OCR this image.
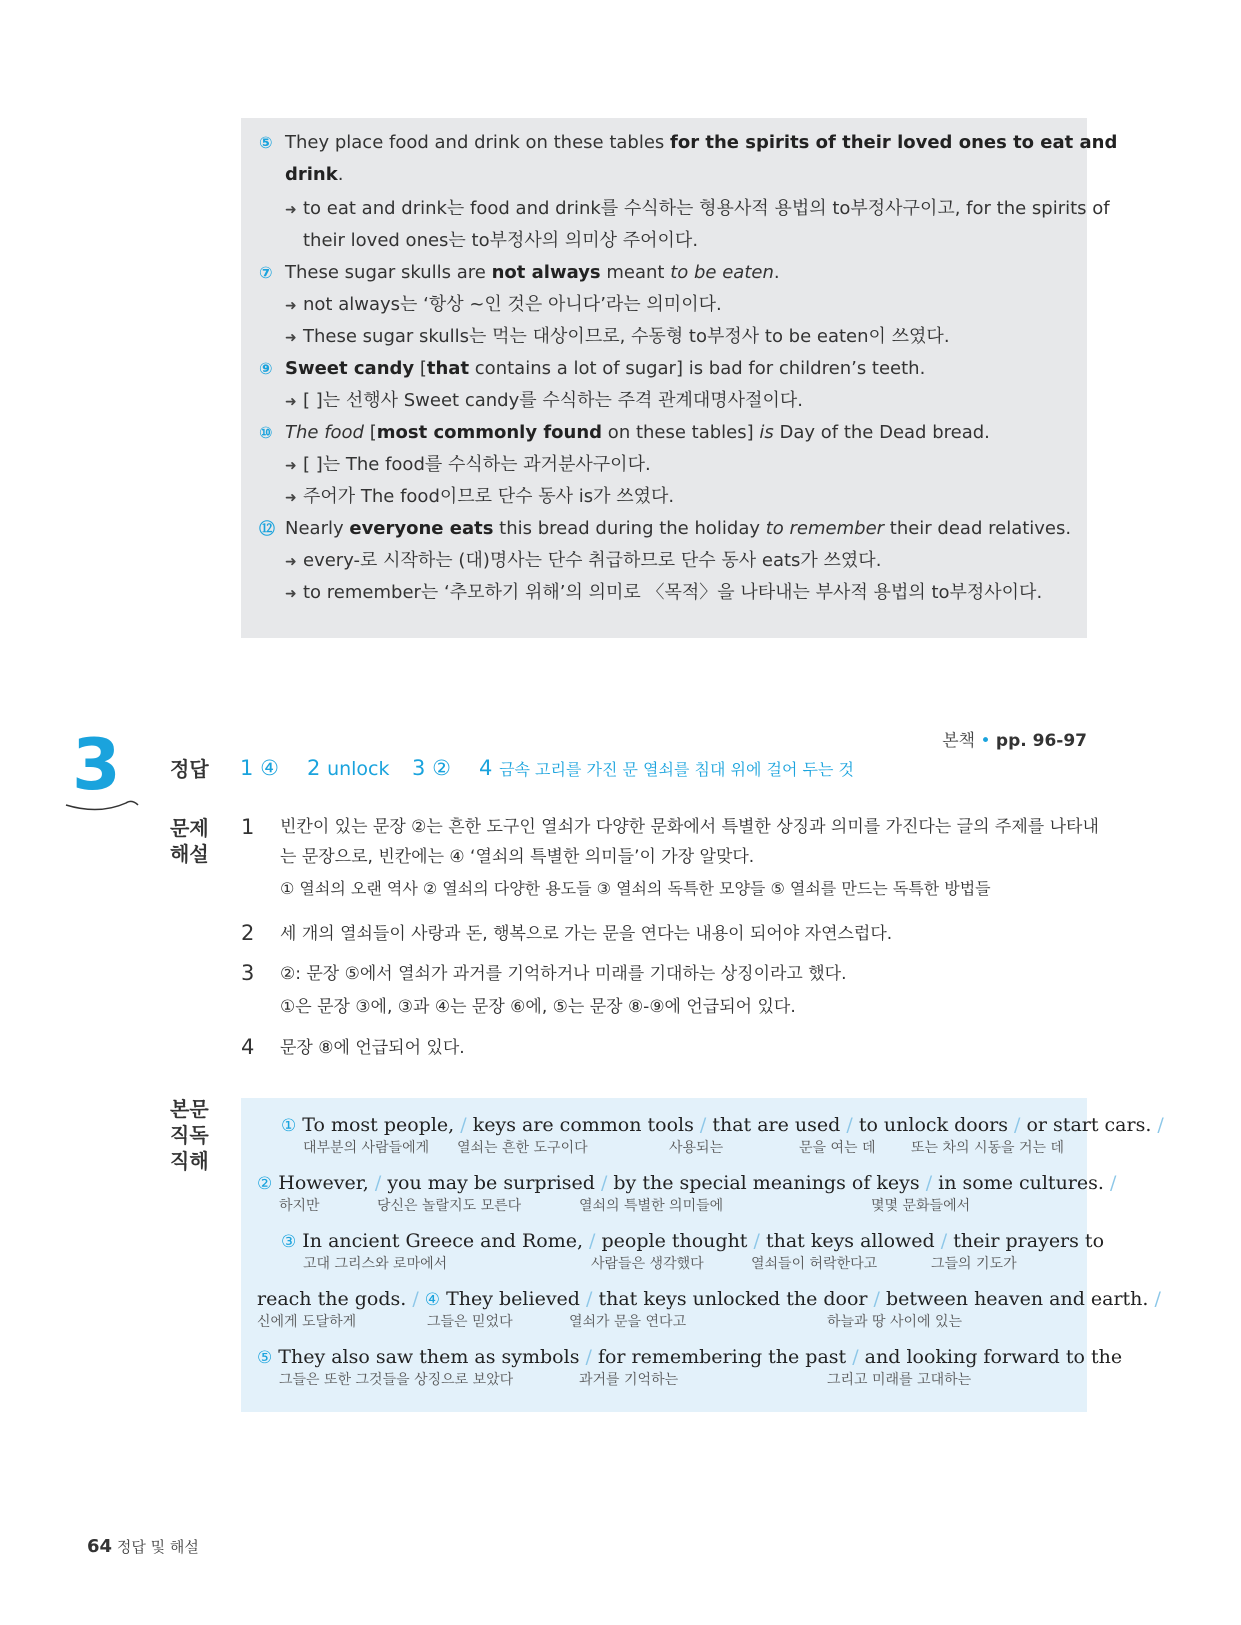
⑤ They place food and drink on these tables for the spirits of their loved ones to eat and
drink.
➜ to eat and drink는 food and drink를 수식하는 형용사적 용법의 to부정사구이고, for the spirits of
their loved ones는 to부정사의 의미상 주어이다.
⑦ These sugar skulls are not always meant to be eaten.
➜ not always는 ‘항상 ~인 것은 아니다’라는 의미이다.
➜ These sugar skulls는 먹는 대상이므로, 수동형 to부정사 to be eaten이 쓰였다.
⑨ Sweet candy [that contains a lot of sugar] is bad for children’s teeth.
➜ [ ]는 선행사 Sweet candy를 수식하는 주격 관계대명사절이다.
⑩ The food [most commonly found on these tables] is Day of the Dead bread.
➜ [ ]는 The food를 수식하는 과거분사구이다.
➜ 주어가 The food이므로 단수 동사 is가 쓰였다.
⑫ Nearly everyone eats this bread during the holiday to remember their dead relatives.
➜ every-로 시작하는 (대)명사는 단수 취급하므로 단수 동사 eats가 쓰였다.
➜ to remember는 ‘추모하기 위해’의 의미로 〈목적〉을 나타내는 부사적 용법의 to부정사이다.
3	본책 • pp. 96-97
정답 1 ④ 2 unlock 3 ② 4 금속 고리를 가진 문 열쇠를 침대 위에 걸어 두는 것
문제
해설
1 빈칸이 있는 문장 ②는 흔한 도구인 열쇠가 다양한 문화에서 특별한 상징과 의미를 가진다는 글의 주제를 나타내
는 문장으로, 빈칸에는 ④ ‘열쇠의 특별한 의미들’이 가장 알맞다.
① 열쇠의 오랜 역사 ② 열쇠의 다양한 용도들 ③ 열쇠의 독특한 모양들 ⑤ 열쇠를 만드는 독특한 방법들
2 세 개의 열쇠들이 사랑과 돈, 행복으로 가는 문을 연다는 내용이 되어야 자연스럽다.
3 ②: 문장 ⑤에서 열쇠가 과거를 기억하거나 미래를 기대하는 상징이라고 했다.
①은 문장 ③에, ③과 ④는 문장 ⑥에, ⑤는 문장 ⑧-⑨에 언급되어 있다.
4 문장 ⑧에 언급되어 있다.
본문
직독
직해
① To most people, / keys are common tools / that are used / to unlock doors / or start cars. /
대부분의 사람들에게 열쇠는 흔한 도구이다	사용되는	문을 여는 데	또는 차의 시동을 거는 데
② However, / you may be surprised / by the special meanings of keys / in some cultures. /
하지만	당신은 놀랄지도 모른다	열쇠의 특별한 의미들에	몇몇 문화들에서
③ In ancient Greece and Rome, / people thought / that keys allowed / their prayers to
고대 그리스와 로마에서	사람들은 생각했다	열쇠들이 허락한다고	그들의 기도가
reach the gods. / ④ They believed / that keys unlocked the door / between heaven and earth. /
신에게 도달하게	그들은 믿었다	열쇠가 문을 연다고	하늘과 땅 사이에 있는
⑤ They also saw them as symbols / for remembering the past / and looking forward to the
그들은 또한 그것들을 상징으로 보았다	과거를 기억하는	그리고 미래를 고대하는
64 정답 및 해설
